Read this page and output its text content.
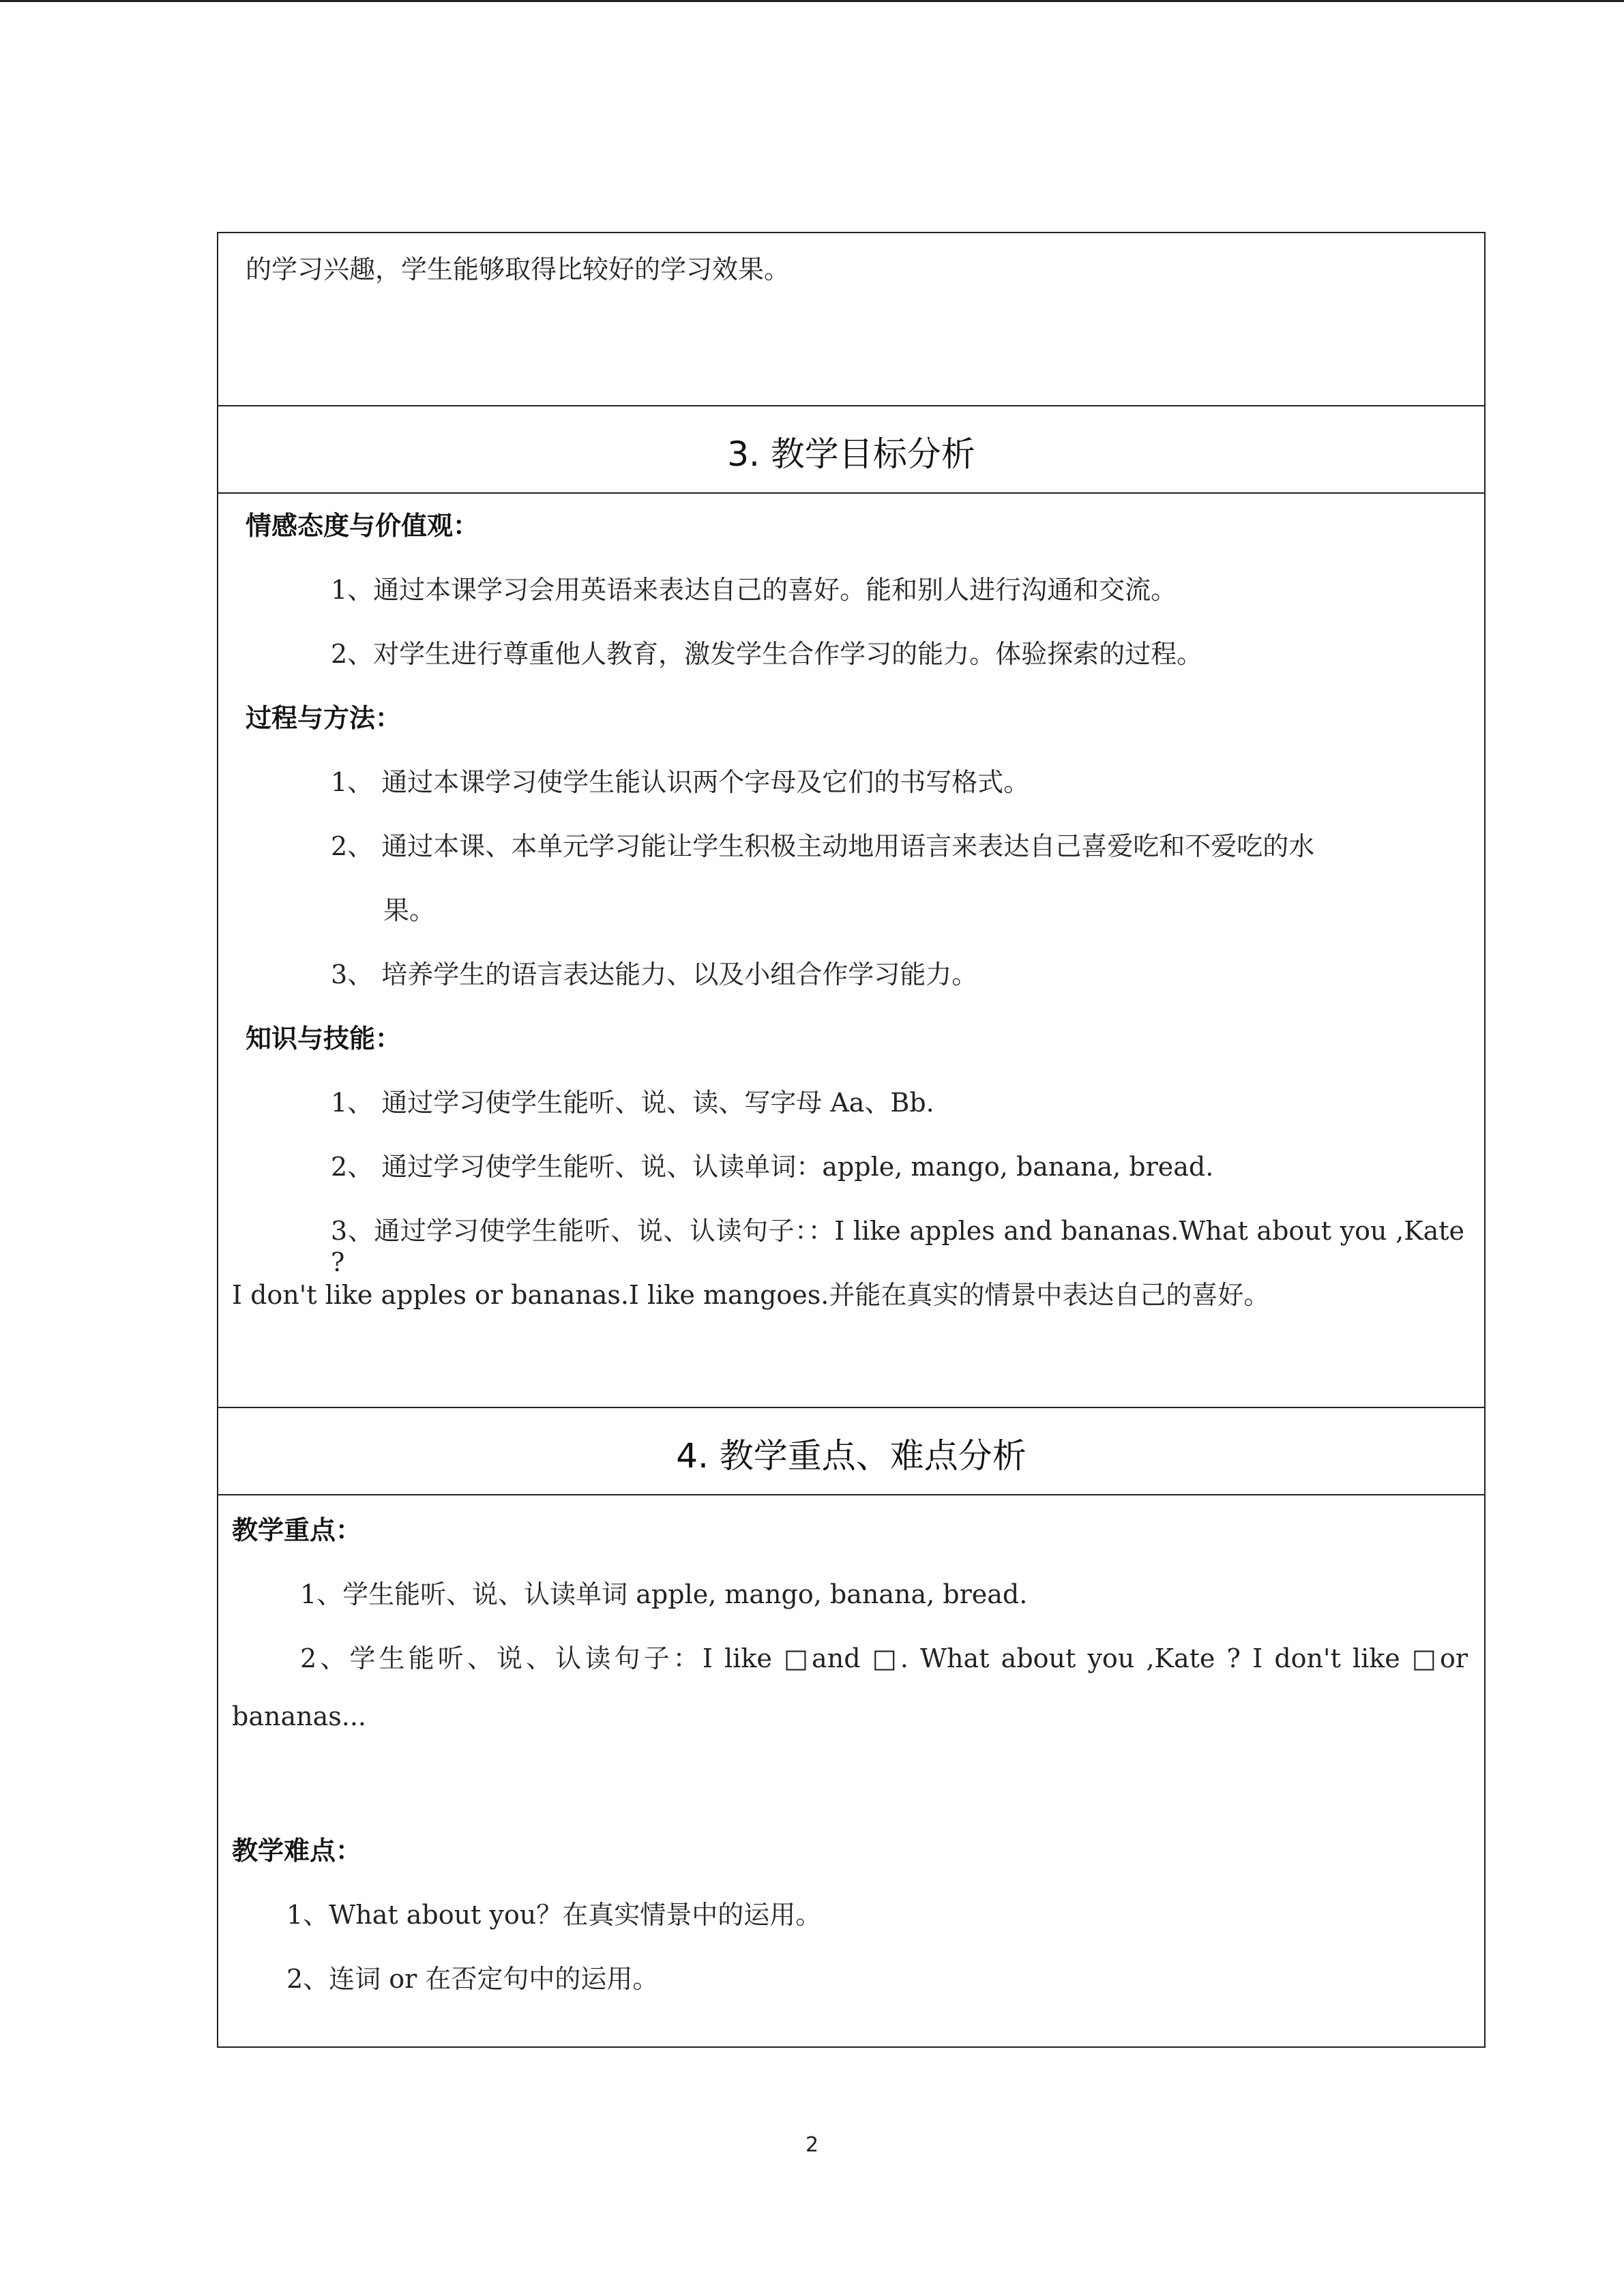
的学习兴趣，学生能够取得比较好的学习效果。
3. 教学目标分析
情感态度与价值观：
1、通过本课学习会用英语来表达自己的喜好。能和别人进行沟通和交流。
2、对学生进行尊重他人教育，激发学生合作学习的能力。体验探索的过程。
过程与方法：
1、 通过本课学习使学生能认识两个字母及它们的书写格式。
2、 通过本课、本单元学习能让学生积极主动地用语言来表达自己喜爱吃和不爱吃的水
果。
3、 培养学生的语言表达能力、以及小组合作学习能力。
知识与技能：
1、 通过学习使学生能听、说、读、写字母 Aa、Bb.
2、 通过学习使学生能听、说、认读单词：apple, mango, banana, bread.
3、通过学习使学生能听、说、认读句子：：I like apples and bananas.What about you ,Kate ?
I don't like apples or bananas.I like mangoes.并能在真实的情景中表达自己的喜好。
4. 教学重点、难点分析
教学重点：
1、学生能听、说、认读单词 apple, mango, banana, bread.
2、学生能听、说、认读句子：I like □and □. What about you ,Kate ? I don't like □or
bananas...
教学难点：
1、What about you？在真实情景中的运用。
2、连词 or 在否定句中的运用。
2
